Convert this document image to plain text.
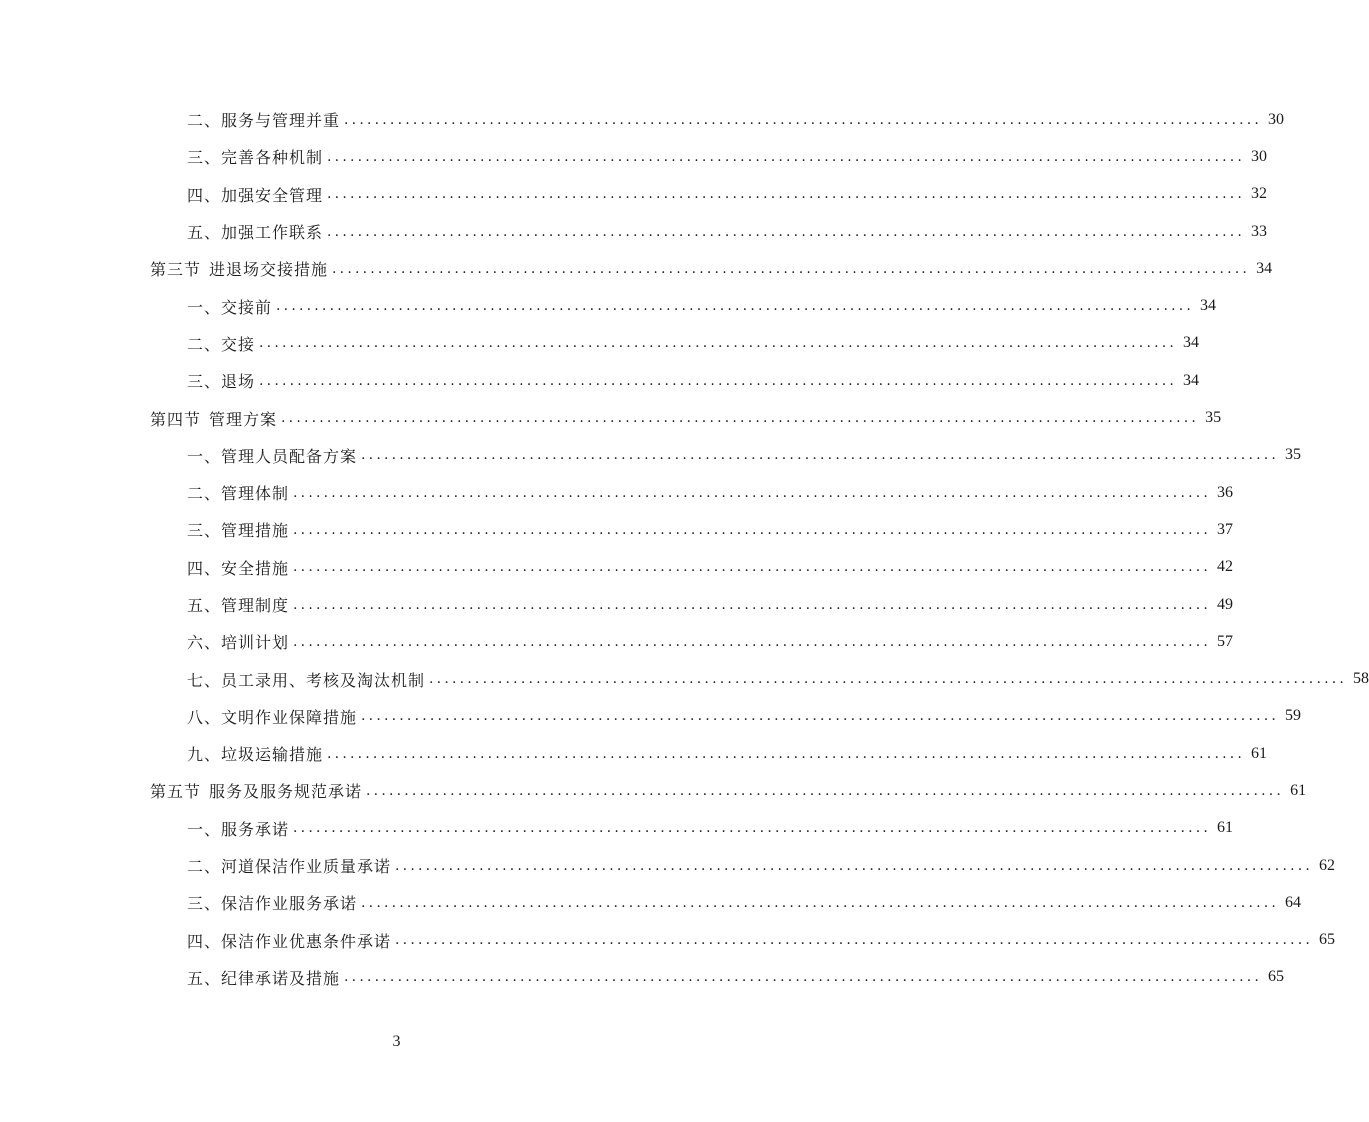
二、服务与管理并重 ........................................................................................................................ 30
三、完善各种机制 ........................................................................................................................ 30
四、加强安全管理 ........................................................................................................................ 32
五、加强工作联系 ........................................................................................................................ 33
第三节 进退场交接措施 ........................................................................................................................ 34
一、交接前 ........................................................................................................................ 34
二、交接 ........................................................................................................................ 34
三、退场 ........................................................................................................................ 34
第四节 管理方案 ........................................................................................................................ 35
一、管理人员配备方案 ........................................................................................................................ 35
二、管理体制 ........................................................................................................................ 36
三、管理措施 ........................................................................................................................ 37
四、安全措施 ........................................................................................................................ 42
五、管理制度 ........................................................................................................................ 49
六、培训计划 ........................................................................................................................ 57
七、员工录用、考核及淘汰机制 ........................................................................................................................ 58
八、文明作业保障措施 ........................................................................................................................ 59
九、垃圾运输措施 ........................................................................................................................ 61
第五节 服务及服务规范承诺 ........................................................................................................................ 61
一、服务承诺 ........................................................................................................................ 61
二、河道保洁作业质量承诺 ........................................................................................................................ 62
三、保洁作业服务承诺 ........................................................................................................................ 64
四、保洁作业优惠条件承诺 ........................................................................................................................ 65
五、纪律承诺及措施 ........................................................................................................................ 65
3
